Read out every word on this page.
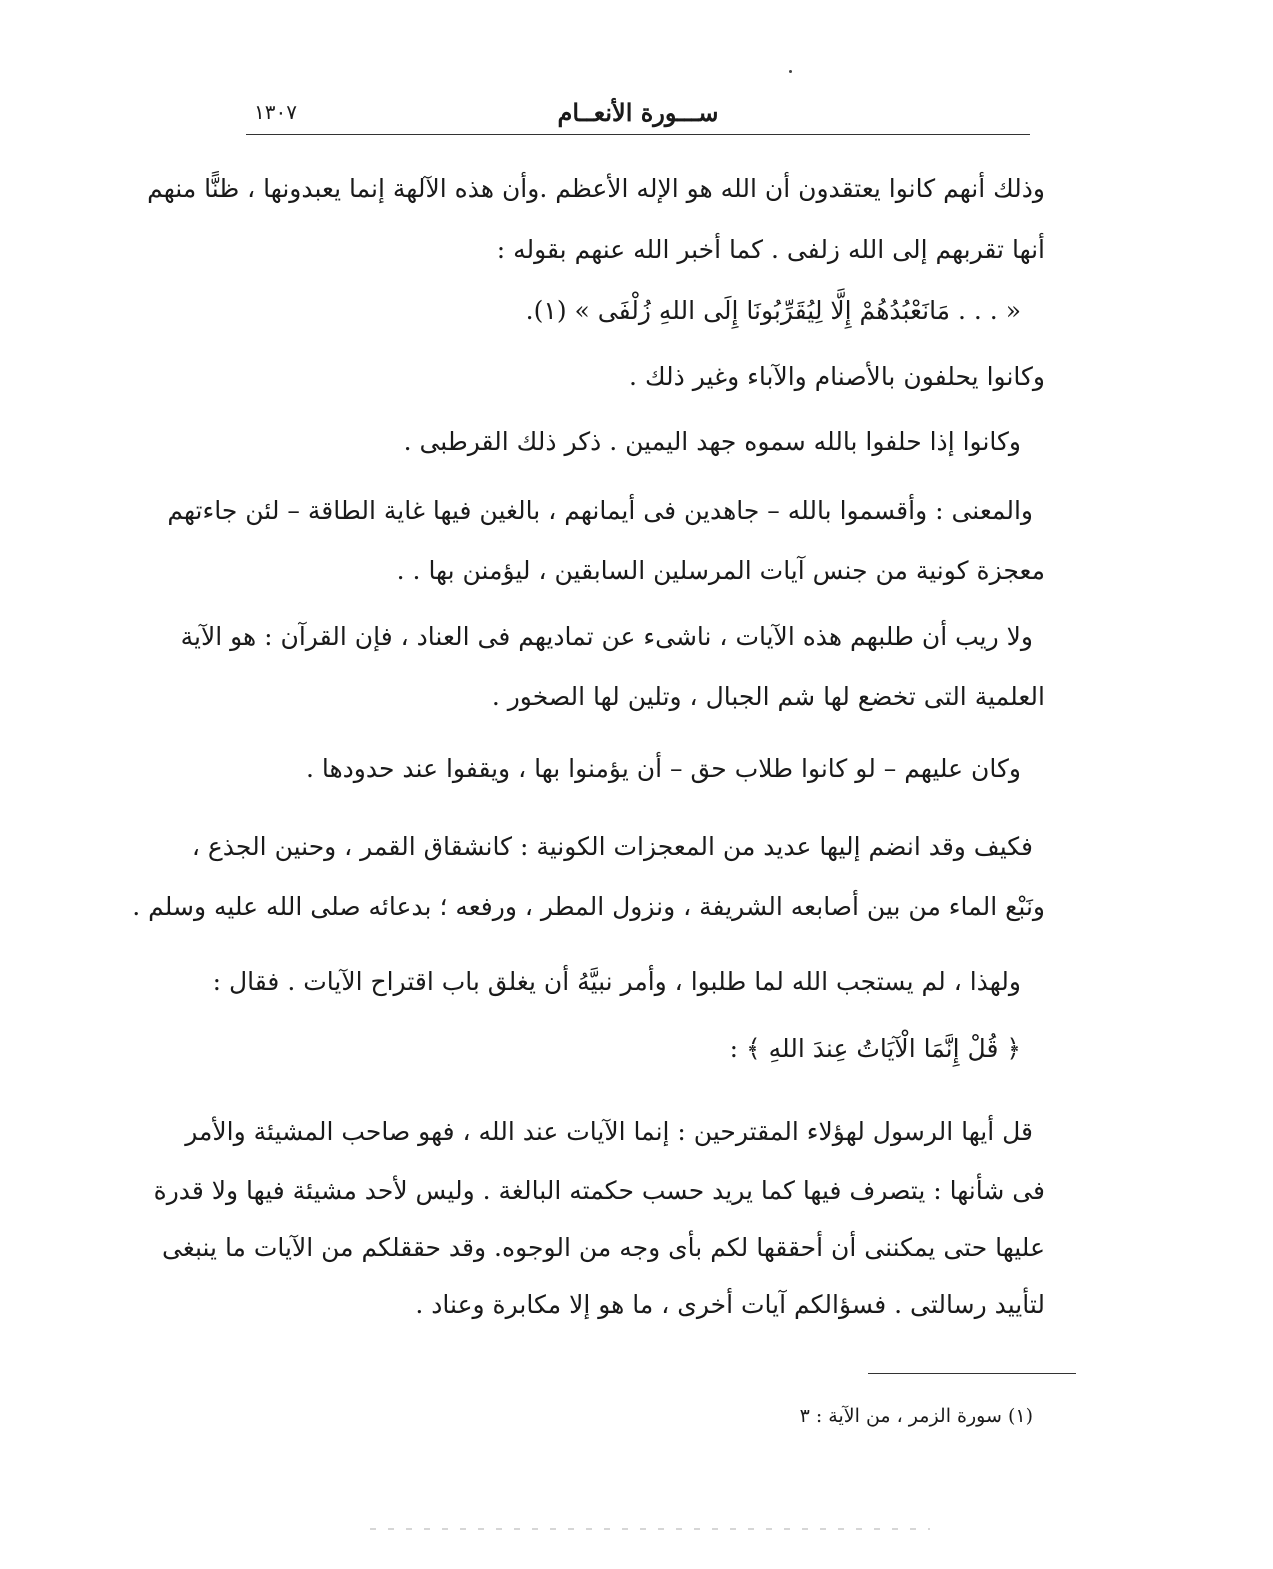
١٣٠٧	ســـورة الأنعــام
وذلك أنهم كانوا يعتقدون أن الله هو الإله الأعظم .وأن هذه الآلهة إنما يعبدونها ، ظنًّا منهم
أنها تقربهم إلى الله زلفى . كما أخبر الله عنهم بقوله :
« . . . مَانَعْبُدُهُمْ إِلَّا لِيُقَرِّبُونَا إِلَى اللهِ زُلْفَى » (١).
وكانوا يحلفون بالأصنام والآباء وغير ذلك .
وكانوا إذا حلفوا بالله سموه جهد اليمين . ذكر ذلك القرطبى .
والمعنى : وأقسموا بالله – جاهدين فى أيمانهم ، بالغين فيها غاية الطاقة – لئن جاءتهم
معجزة كونية من جنس آيات المرسلين السابقين ، ليؤمنن بها . .
ولا ريب أن طلبهم هذه الآيات ، ناشىء عن تماديهم فى العناد ، فإن القرآن : هو الآية
العلمية التى تخضع لها شم الجبال ، وتلين لها الصخور .
وكان عليهم – لو كانوا طلاب حق – أن يؤمنوا بها ، ويقفوا عند حدودها .
فكيف وقد انضم إليها عديد من المعجزات الكونية : كانشقاق القمر ، وحنين الجذع ،
ونَبْع الماء من بين أصابعه الشريفة ، ونزول المطر ، ورفعه ؛ بدعائه صلى الله عليه وسلم .
ولهذا ، لم يستجب الله لما طلبوا ، وأمر نبيَّهُ أن يغلق باب اقتراح الآيات . فقال :
﴿ قُلْ إِنَّمَا الْآيَاتُ عِندَ اللهِ ﴾ :
قل أيها الرسول لهؤلاء المقترحين : إنما الآيات عند الله ، فهو صاحب المشيئة والأمر
فى شأنها : يتصرف فيها كما يريد حسب حكمته البالغة . وليس لأحد مشيئة فيها ولا قدرة
عليها حتى يمكننى أن أحققها لكم بأى وجه من الوجوه. وقد حققلكم من الآيات ما ينبغى
لتأييد رسالتى . فسؤالكم آيات أخرى ، ما هو إلا مكابرة وعناد .
(١) سورة الزمر ، من الآية : ٣
